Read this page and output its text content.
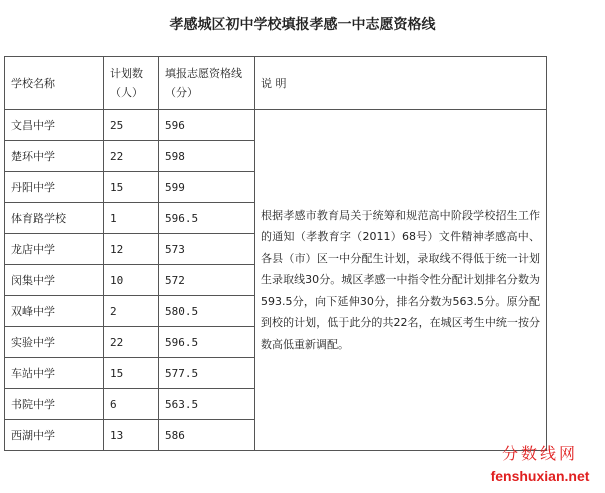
孝感城区初中学校填报孝感一中志愿资格线
学校名称	计划数（人）	填报志愿资格线（分）	说 明
文昌中学	25	596	根据孝感市教育局关于统筹和规范高中阶段学校招生工作的通知（孝教育字（2011）68号）文件精神孝感高中、各县（市）区一中分配生计划，录取线不得低于统一计划生录取线30分。城区孝感一中指令性分配计划排名分数为593.5分，向下延伸30分，排名分数为563.5分。原分配到校的计划，低于此分的共22名，在城区考生中统一按分数高低重新调配。
楚环中学	22	598	
丹阳中学	15	599	
体育路学校	1	596.5	
龙店中学	12	573	
闵集中学	10	572	
双峰中学	2	580.5	
实验中学	22	596.5	
车站中学	15	577.5	
书院中学	6	563.5	
西湖中学	13	586	
分数线网
fenshuxian.net
